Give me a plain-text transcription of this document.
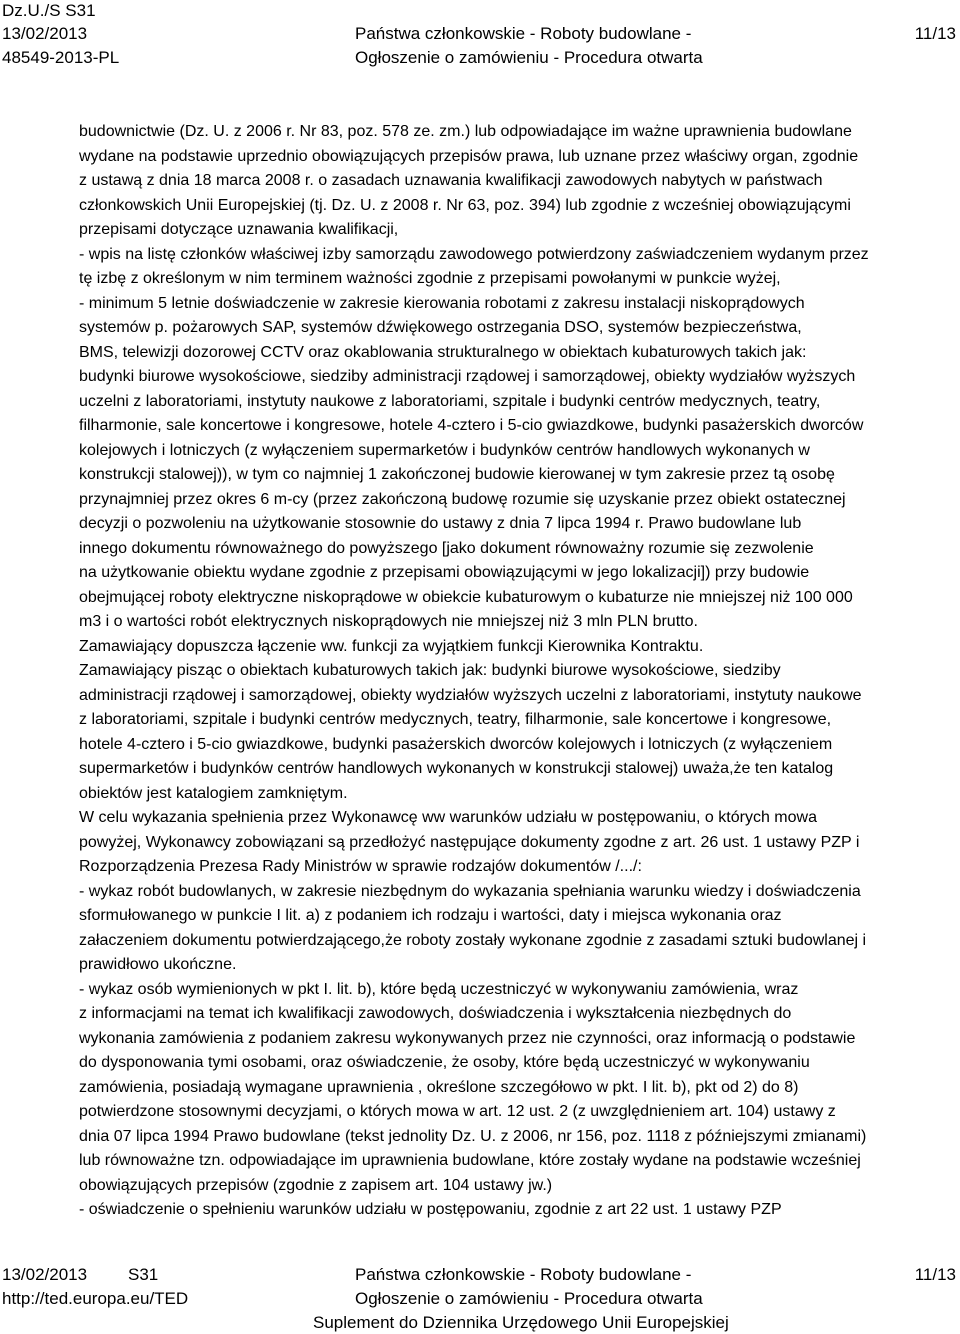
Dz.U./S S31
13/02/2013
48549-2013-PL
Państwa członkowskie - Roboty budowlane -
Ogłoszenie o zamówieniu - Procedura otwarta
11/13

budownictwie (Dz. U. z 2006 r. Nr 83, poz. 578 ze. zm.) lub odpowiadające im ważne uprawnienia budowlane

wydane na podstawie uprzednio obowiązujących przepisów prawa, lub uznane przez właściwy organ, zgodnie

z ustawą z dnia 18 marca 2008 r. o zasadach uznawania kwalifikacji zawodowych nabytych w państwach

członkowskich Unii Europejskiej (tj. Dz. U. z 2008 r. Nr 63, poz. 394) lub zgodnie z wcześniej obowiązującymi

przepisami dotyczące uznawania kwalifikacji,

- wpis na listę członków właściwej izby samorządu zawodowego potwierdzony zaświadczeniem wydanym przez

tę izbę z określonym w nim terminem ważności zgodnie z przepisami powołanymi w punkcie wyżej,

- minimum 5 letnie doświadczenie w zakresie kierowania robotami z zakresu instalacji niskoprądowych

systemów p. pożarowych SAP, systemów dźwiękowego ostrzegania DSO, systemów bezpieczeństwa,

BMS, telewizji dozorowej CCTV oraz okablowania strukturalnego w obiektach kubaturowych takich jak:

budynki biurowe wysokościowe, siedziby administracji rządowej i samorządowej, obiekty wydziałów wyższych

uczelni z laboratoriami, instytuty naukowe z laboratoriami, szpitale i budynki centrów medycznych, teatry,

filharmonie, sale koncertowe i kongresowe, hotele 4-cztero i 5-cio gwiazdkowe, budynki pasażerskich dworców

kolejowych i lotniczych (z wyłączeniem supermarketów i budynków centrów handlowych wykonanych w

konstrukcji stalowej)), w tym co najmniej 1 zakończonej budowie kierowanej w tym zakresie przez tą osobę

przynajmniej przez okres 6 m-cy (przez zakończoną budowę rozumie się uzyskanie przez obiekt ostatecznej

decyzji o pozwoleniu na użytkowanie stosownie do ustawy z dnia 7 lipca 1994 r. Prawo budowlane lub

innego dokumentu równoważnego do powyższego [jako dokument równoważny rozumie się zezwolenie

na użytkowanie obiektu wydane zgodnie z przepisami obowiązującymi w jego lokalizacji]) przy budowie

obejmującej roboty elektryczne niskoprądowe w obiekcie kubaturowym o kubaturze nie mniejszej niż 100 000

m3 i o wartości robót elektrycznych niskoprądowych nie mniejszej niż 3 mln PLN brutto.

Zamawiający dopuszcza łączenie ww. funkcji za wyjątkiem funkcji Kierownika Kontraktu.

Zamawiający pisząc o obiektach kubaturowych takich jak: budynki biurowe wysokościowe, siedziby

administracji rządowej i samorządowej, obiekty wydziałów wyższych uczelni z laboratoriami, instytuty naukowe

z laboratoriami, szpitale i budynki centrów medycznych, teatry, filharmonie, sale koncertowe i kongresowe,

hotele 4-cztero i 5-cio gwiazdkowe, budynki pasażerskich dworców kolejowych i lotniczych (z wyłączeniem

supermarketów i budynków centrów handlowych wykonanych w konstrukcji stalowej) uważa,że ten katalog

obiektów jest katalogiem zamkniętym.

W celu wykazania spełnienia przez Wykonawcę ww warunków udziału w postępowaniu, o których mowa

powyżej, Wykonawcy zobowiązani są przedłożyć następujące dokumenty zgodne z art. 26 ust. 1 ustawy PZP i

Rozporządzenia Prezesa Rady Ministrów w sprawie rodzajów dokumentów /.../:

- wykaz robót budowlanych, w zakresie niezbędnym do wykazania spełniania warunku wiedzy i doświadczenia

sformułowanego w punkcie I lit. a) z podaniem ich rodzaju i wartości, daty i miejsca wykonania oraz

załaczeniem dokumentu potwierdzającego,że roboty zostały wykonane zgodnie z zasadami sztuki budowlanej i

prawidłowo ukończne.

- wykaz osób wymienionych w pkt I. lit. b), które będą uczestniczyć w wykonywaniu zamówienia, wraz

z informacjami na temat ich kwalifikacji zawodowych, doświadczenia i wykształcenia niezbędnych do

wykonania zamówienia z podaniem zakresu wykonywanych przez nie czynności, oraz informacją o podstawie

do dysponowania tymi osobami, oraz oświadczenie, że osoby, które będą uczestniczyć w wykonywaniu

zamówienia, posiadają wymagane uprawnienia , określone szczegółowo w pkt. I lit. b), pkt od 2) do 8)

potwierdzone stosownymi decyzjami, o których mowa w art. 12 ust. 2 (z uwzględnieniem art. 104) ustawy z

dnia 07 lipca 1994 Prawo budowlane (tekst jednolity Dz. U. z 2006, nr 156, poz. 1118 z późniejszymi zmianami)

lub równoważne tzn. odpowiadające im uprawnienia budowlane, które zostały wydane na podstawie wcześniej

obowiązujących przepisów (zgodnie z zapisem art. 104 ustawy jw.)

- oświadczenie o spełnieniu warunków udziału w postępowaniu, zgodnie z art 22 ust. 1 ustawy PZP

13/02/2013 S31
http://ted.europa.eu/TED
Państwa członkowskie - Roboty budowlane -
Ogłoszenie o zamówieniu - Procedura otwarta
Suplement do Dziennika Urzędowego Unii Europejskiej
11/13
